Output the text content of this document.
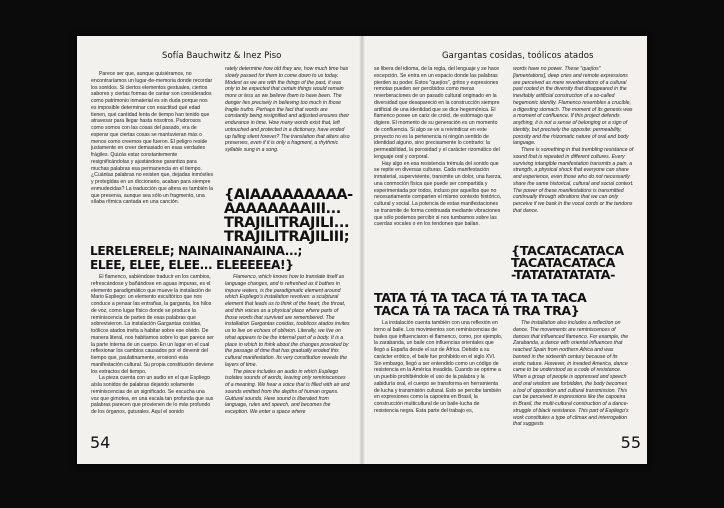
Sofía Bauchwitz & Inez Piso

Parece ser que, aunque quisiéramos, no encontraríamos un lugar-de-memoria donde recordar los sonidos. Si ciertos elementos gestuales, ciertos sabores y ciertas formas de cantar son considerados como patrimonio inmaterial es sin duda porque nos es imposible determinar con exactitud qué edad tienen, qué cantidad lenta de tiempo han tenido que atravesar para llegar hasta nosotros. Pudorosos como somos con las cosas del pasado, era de esperar que ciertas cosas se mantuvieran más o menos como creemos que fueron. El peligro reside justamente en creer demasiado en esas verdades frágiles. Quizás estar constantemente resignificándolas y ajustándose garantiza para muchas palabras esa permanencia en el tiempo. ¿Cuántas palabras no existen que, dejadas inmóviles y protegidas en un diccionario, acaban para siempre enmudecidas? La traducción que altera es también la que preserva, aunque sea sólo un fragmento, una sílaba rítmica cantada en una canción.

rately determine how old they are, how much time has slowly passed for them to come down to us today. Modest as we are with the things of the past, it was only to be expected that certain things would remain more or less as we believe them to have been. The danger lies precisely in believing too much in those fragile truths. Perhaps the fact that words are constantly being resignified and adjusted ensures their endurance in time. How many words exist that, left untouched and protected in a dictionary, have ended up falling silent forever? The translation that alters also preserves, even if it is only a fragment, a rhythmic syllable sung in a song.

{AIAAAAAAAAA-
AAAAAAAAIII...
TRAJILITRAJILI...
TRAJILITRAJILIII;
LERELERELE; NAINAINANAINA...;
ELEE, ELEE, ELEE... ELEEEEEA!}

El flamenco, sabiéndose traducir en los cambios, refrescándose y bañándose en aguas impuras, es el elemento paradigmático que mueve la instalación de Mario Espliego: un elemento escultórico que nos conduce a pensar las entrañas, la garganta, los hilos de voz, como lugar físico donde se produce la reminiscencia de partes de esas palabras que sobrevivieron. La instalación Gargantas cosidas, toólicos atados invita a habitar sobre ese olvido. De manera literal, nos habitamos sobre lo que parece ser la parte interna de un cuerpo. En un lugar en el cual reflexionar los cambios causados por el devenir del tiempo que, paulatinamente, erosionó esta manifestación cultural. Su propia constitución deviene los extractos del tiempo.

La pieza cuenta con un audio en el que Espliego aísla sonidos de palabras dejando solamente reminiscencias de un significado. Se escucha una voz que gimotea, en una escala tan profunda que sus palabras parecen que provienen de lo más profundo de los órganos, guturales. Aquí el sonido

Flamenco, which knows how to translate itself as language changes, and is refreshed as it bathes in impure waters, is the paradigmatic element around which Espliego's installation revolves: a sculptural element that leads us to think of the heart, the throat, and thin voices as a physical place where parts of those words that survived are remembered. The installation Gargantas cosidas, tooblicos atados invites us to live on echoes of oblivion. Literally, we live on what appears to be the internal part of a body. It is a place in which to think about the changes provoked by the passage of time that has gradually eroded this cultural manifestation. Its very constitution reveals the layers of time.

The piece includes an audio in which Espliego isolates sounds of words, leaving only reminiscences of a meaning. We hear a voice that is filled with air and sounds emitted from the depths of human organs. Guttural sounds. Here sound is liberated from language, rules and speech, and becomes the exception. We enter a space where

54
Gargantas cosidas, toólicos atados

se libera del idioma, de la regla, del lenguaje y se hace excepción. Se entra en un espacio donde las palabras pierden su poder. Estos "quejíos", gritos y expresiones remotas pueden ser percibidos como meras reverberaciones de un pasado cultural originado en la diversidad que desapareció en la construcción siempre artificial de una identidad que se dice hegemónica. El flamenco posee un cariz de croicl, de estómago que digiere. El momento de su generación es un momento de confluencia. Si algo se ve a reivindicar en este proyecto no es la pertenencia ni ningún sentido de identidad alguno, sino precisamente lo contrario: la permeabilidad, la porosidad y el carácter rizomático del lenguaje oral y corporal.

Hay algo en esa resistencia trémula del sonido que se repite en diversas culturas. Cada manifestación inmaterial, superviviente, transmite un dolor, una fuerza, una conmoción física que puede ser compartida y experimentada por todos, incluso por aquellos que no necesariamente comparten el mismo contexto histórico, cultural y social. La potencia de estas manifestaciones se transmite de forma continuada mediante vibraciones que sólo podemos percibir si nos tumbamos sobre las cuerdas vocales o en los tendones que bailan.

words have no power. These "quejíos" [lamentations], deep cries and remote expressions are perceived as mere reverberations of a cultural past rooted in the diversity that disappeared in the inevitably artificial construction of a so-called hegemonic identity. Flamenco resembles a crucible, a digesting stomach. The moment of its genesis was a moment of confluence. If this project defends anything, it is not a sense of belonging or a sign of identity, but precisely the opposite: permeability, porosity and the rhizomatic nature of oral and body language.

There is something in that trembling resistance of sound that is repeated in different cultures. Every surviving intangible manifestation transmits a pain, a strength, a physical shock that everyone can share and experience, even those who do not necessarily share the same historical, cultural and social context. The power of these manifestations is transmitted continually through vibrations that we can only perceive if we bask in the vocal cords or the tendons that dance.

{TACATACATACA
TACATACATACA
-TATATATATATA-
TATA TÁ TA TACA TÁ TA TA TACA
TACA TÁ TA TACA TÁ TRA TRA}

La instalación cuenta también con una reflexión en torno al baile. Los movimientos son reminiscencias de bailes que influenciaron el flamenco, como, por ejemplo, la zarabanda, un baile con influencias orientales que llegó a España desde el sur de África. Debido a su carácter erótico, el baile fue prohibido en el siglo XVI. Sin embargo, llegó a ser entendido como un código de resistencia en la América invadida. Cuando se oprime a un pueblo prohibiéndole el uso de la palabra y la sabiduría oral, el cuerpo se transforma en herramienta de lucha y transmisión cultural. Esto se percibe también en expresiones como la capoeira en Brasil, la construcción multicultural de un baile-lucha de resistencia negra. Esta parte del trabajo es,

The installation also includes a reflection on dance. The movements are reminiscences of dances that influenced flamenco. For example, the Zarabanda, a dance with oriental influences that reached Spain from northern Africa and was banned in the sixteenth century because of its erotic nature. However, in invaded America, dance came to be understood as a code of resistance. When a group of people is oppressed and speech and oral wisdom are forbidden, the body becomes a tool of opposition and cultural transmission. This can be perceived in expressions like the capoeira in Brasil, the multi-cultural construction of a dance-struggle of black resistance. This part of Espliego's work constitutes a type of climax and interrogation that suggests

55
